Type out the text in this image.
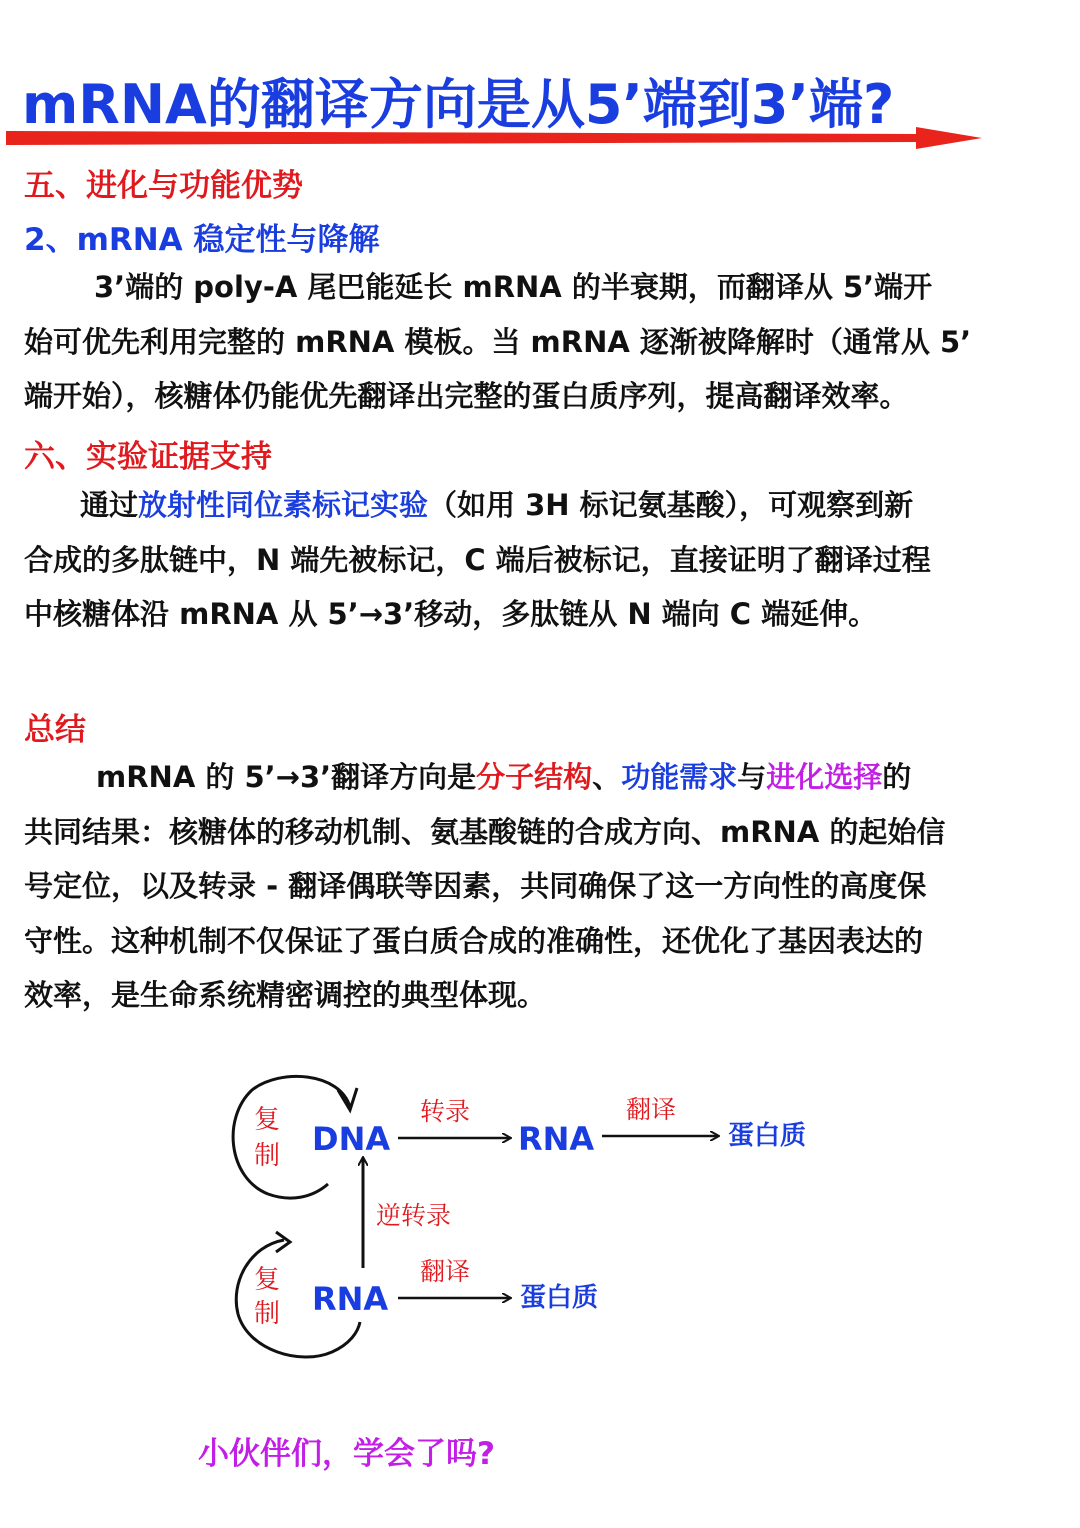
mRNA的翻译方向是从5’端到3’端?
五、进化与功能优势
2、mRNA 稳定性与降解
3’端的 poly-A 尾巴能延长 mRNA 的半衰期，而翻译从 5’端开
始可优先利用完整的 mRNA 模板。当 mRNA 逐渐被降解时（通常从 5’
端开始），核糖体仍能优先翻译出完整的蛋白质序列，提高翻译效率。
六、实验证据支持
通过放射性同位素标记实验（如用 3H 标记氨基酸），可观察到新
合成的多肽链中，N 端先被标记，C 端后被标记，直接证明了翻译过程
中核糖体沿 mRNA 从 5’→3’移动，多肽链从 N 端向 C 端延伸。
总结
mRNA 的 5’→3’翻译方向是分子结构、功能需求与进化选择的
共同结果：核糖体的移动机制、氨基酸链的合成方向、mRNA 的起始信
号定位，以及转录 - 翻译偶联等因素，共同确保了这一方向性的高度保
守性。这种机制不仅保证了蛋白质合成的准确性，还优化了基因表达的
效率，是生命系统精密调控的典型体现。
复
制 DNA
转录
RNA
翻译
蛋白质
逆转录
复
制 RNA
翻译
蛋白质
小伙伴们，学会了吗?
